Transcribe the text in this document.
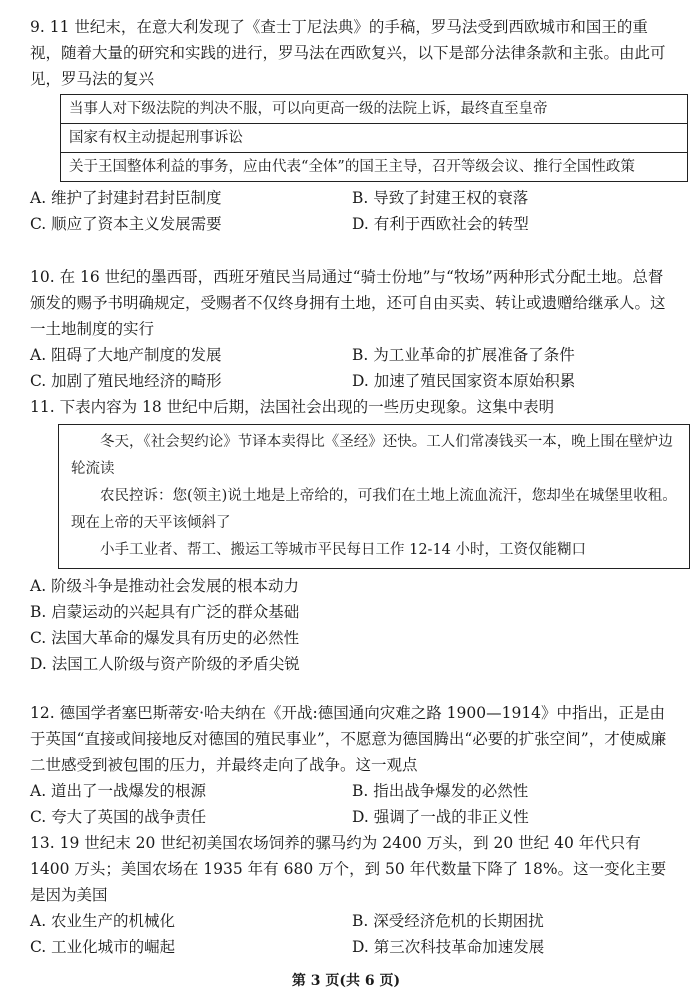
9. 11 世纪末，在意大利发现了《查士丁尼法典》的手稿，罗马法受到西欧城市和国王的重视，随着大量的研究和实践的进行，罗马法在西欧复兴，以下是部分法律条款和主张。由此可见，罗马法的复兴

当事人对下级法院的判决不服，可以向更高一级的法院上诉，最终直至皇帝
国家有权主动提起刑事诉讼
关于王国整体利益的事务，应由代表“全体”的国王主导，召开等级会议、推行全国性政策
A. 维护了封建封君封臣制度	B. 导致了封建王权的衰落
C. 顺应了资本主义发展需要	D. 有利于西欧社会的转型

10. 在 16 世纪的墨西哥，西班牙殖民当局通过“骑士份地”与“牧场”两种形式分配土地。总督颁发的赐予书明确规定，受赐者不仅终身拥有土地，还可自由买卖、转让或遗赠给继承人。这一土地制度的实行

A. 阻碍了大地产制度的发展	B. 为工业革命的扩展准备了条件
C. 加剧了殖民地经济的畸形	D. 加速了殖民国家资本原始积累

11. 下表内容为 18 世纪中后期，法国社会出现的一些历史现象。这集中表明

冬天，《社会契约论》节译本卖得比《圣经》还快。工人们常凑钱买一本，晚上围在壁炉边轮流读

农民控诉：您(领主)说土地是上帝给的，可我们在土地上流血流汗，您却坐在城堡里收租。现在上帝的天平该倾斜了

小手工业者、帮工、搬运工等城市平民每日工作 12-14 小时，工资仅能糊口

A. 阶级斗争是推动社会发展的根本动力
B. 启蒙运动的兴起具有广泛的群众基础
C. 法国大革命的爆发具有历史的必然性
D. 法国工人阶级与资产阶级的矛盾尖锐

12. 德国学者塞巴斯蒂安·哈夫纳在《开战:德国通向灾难之路 1900—1914》中指出，正是由于英国“直接或间接地反对德国的殖民事业”，不愿意为德国腾出“必要的扩张空间”，才使威廉二世感受到被包围的压力，并最终走向了战争。这一观点

A. 道出了一战爆发的根源	B. 指出战争爆发的必然性
C. 夸大了英国的战争责任	D. 强调了一战的非正义性

13. 19 世纪末 20 世纪初美国农场饲养的骡马约为 2400 万头，到 20 世纪 40 年代只有 1400 万头；美国农场在 1935 年有 680 万个，到 50 年代数量下降了 18%。这一变化主要是因为美国

A. 农业生产的机械化	B. 深受经济危机的长期困扰
C. 工业化城市的崛起	D. 第三次科技革命加速发展
第 3 页(共 6 页)
